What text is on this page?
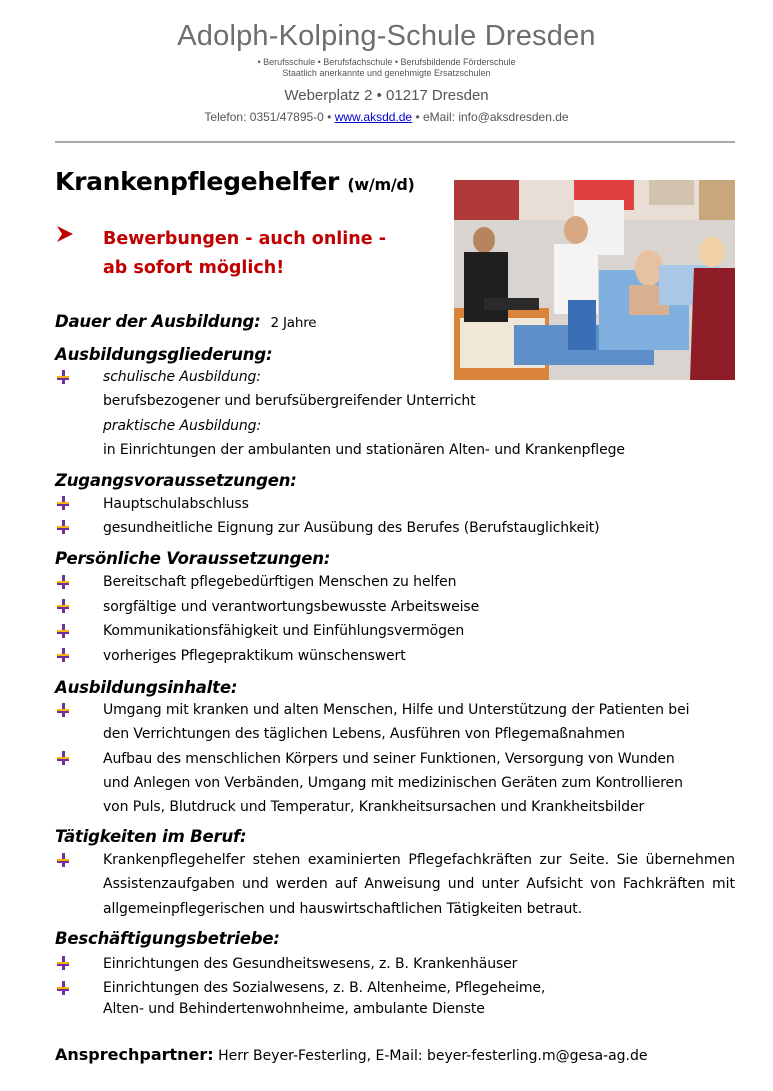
Adolph-Kolping-Schule Dresden
• Berufsschule • Berufsfachschule • Berufsbildende Förderschule
Staatlich anerkannte und genehmigte Ersatzschulen
Weberplatz 2 • 01217 Dresden
Telefon: 0351/47895-0 • www.aksdd.de • eMail: info@aksdresden.de
Krankenpflegehelfer (w/m/d)
Bewerbungen - auch online -
ab sofort möglich!
Dauer der Ausbildung: 2 Jahre
Ausbildungsgliederung:
schulische Ausbildung:
berufsbezogener und berufsübergreifender Unterricht
praktische Ausbildung:
in Einrichtungen der ambulanten und stationären Alten- und Krankenpflege
Zugangsvoraussetzungen:
Hauptschulabschluss
gesundheitliche Eignung zur Ausübung des Berufes (Berufstauglichkeit)
Persönliche Voraussetzungen:
Bereitschaft pflegebedürftigen Menschen zu helfen
sorgfältige und verantwortungsbewusste Arbeitsweise
Kommunikationsfähigkeit und Einfühlungsvermögen
vorheriges Pflegepraktikum wünschenswert
Ausbildungsinhalte:
Umgang mit kranken und alten Menschen, Hilfe und Unterstützung der Patienten bei
den Verrichtungen des täglichen Lebens, Ausführen von Pflegemaßnahmen
Aufbau des menschlichen Körpers und seiner Funktionen, Versorgung von Wunden
und Anlegen von Verbänden, Umgang mit medizinischen Geräten zum Kontrollieren
von Puls, Blutdruck und Temperatur, Krankheitsursachen und Krankheitsbilder
Tätigkeiten im Beruf:
Krankenpflegehelfer stehen examinierten Pflegefachkräften zur Seite. Sie übernehmen
Assistenzaufgaben und werden auf Anweisung und unter Aufsicht von Fachkräften mit
allgemeinpflegerischen und hauswirtschaftlichen Tätigkeiten betraut.
Beschäftigungsbetriebe:
Einrichtungen des Gesundheitswesens, z. B. Krankenhäuser
Einrichtungen des Sozialwesens, z. B. Altenheime, Pflegeheime,
Alten- und Behindertenwohnheime, ambulante Dienste
Ansprechpartner: Herr Beyer-Festerling, E-Mail: beyer-festerling.m@gesa-ag.de
